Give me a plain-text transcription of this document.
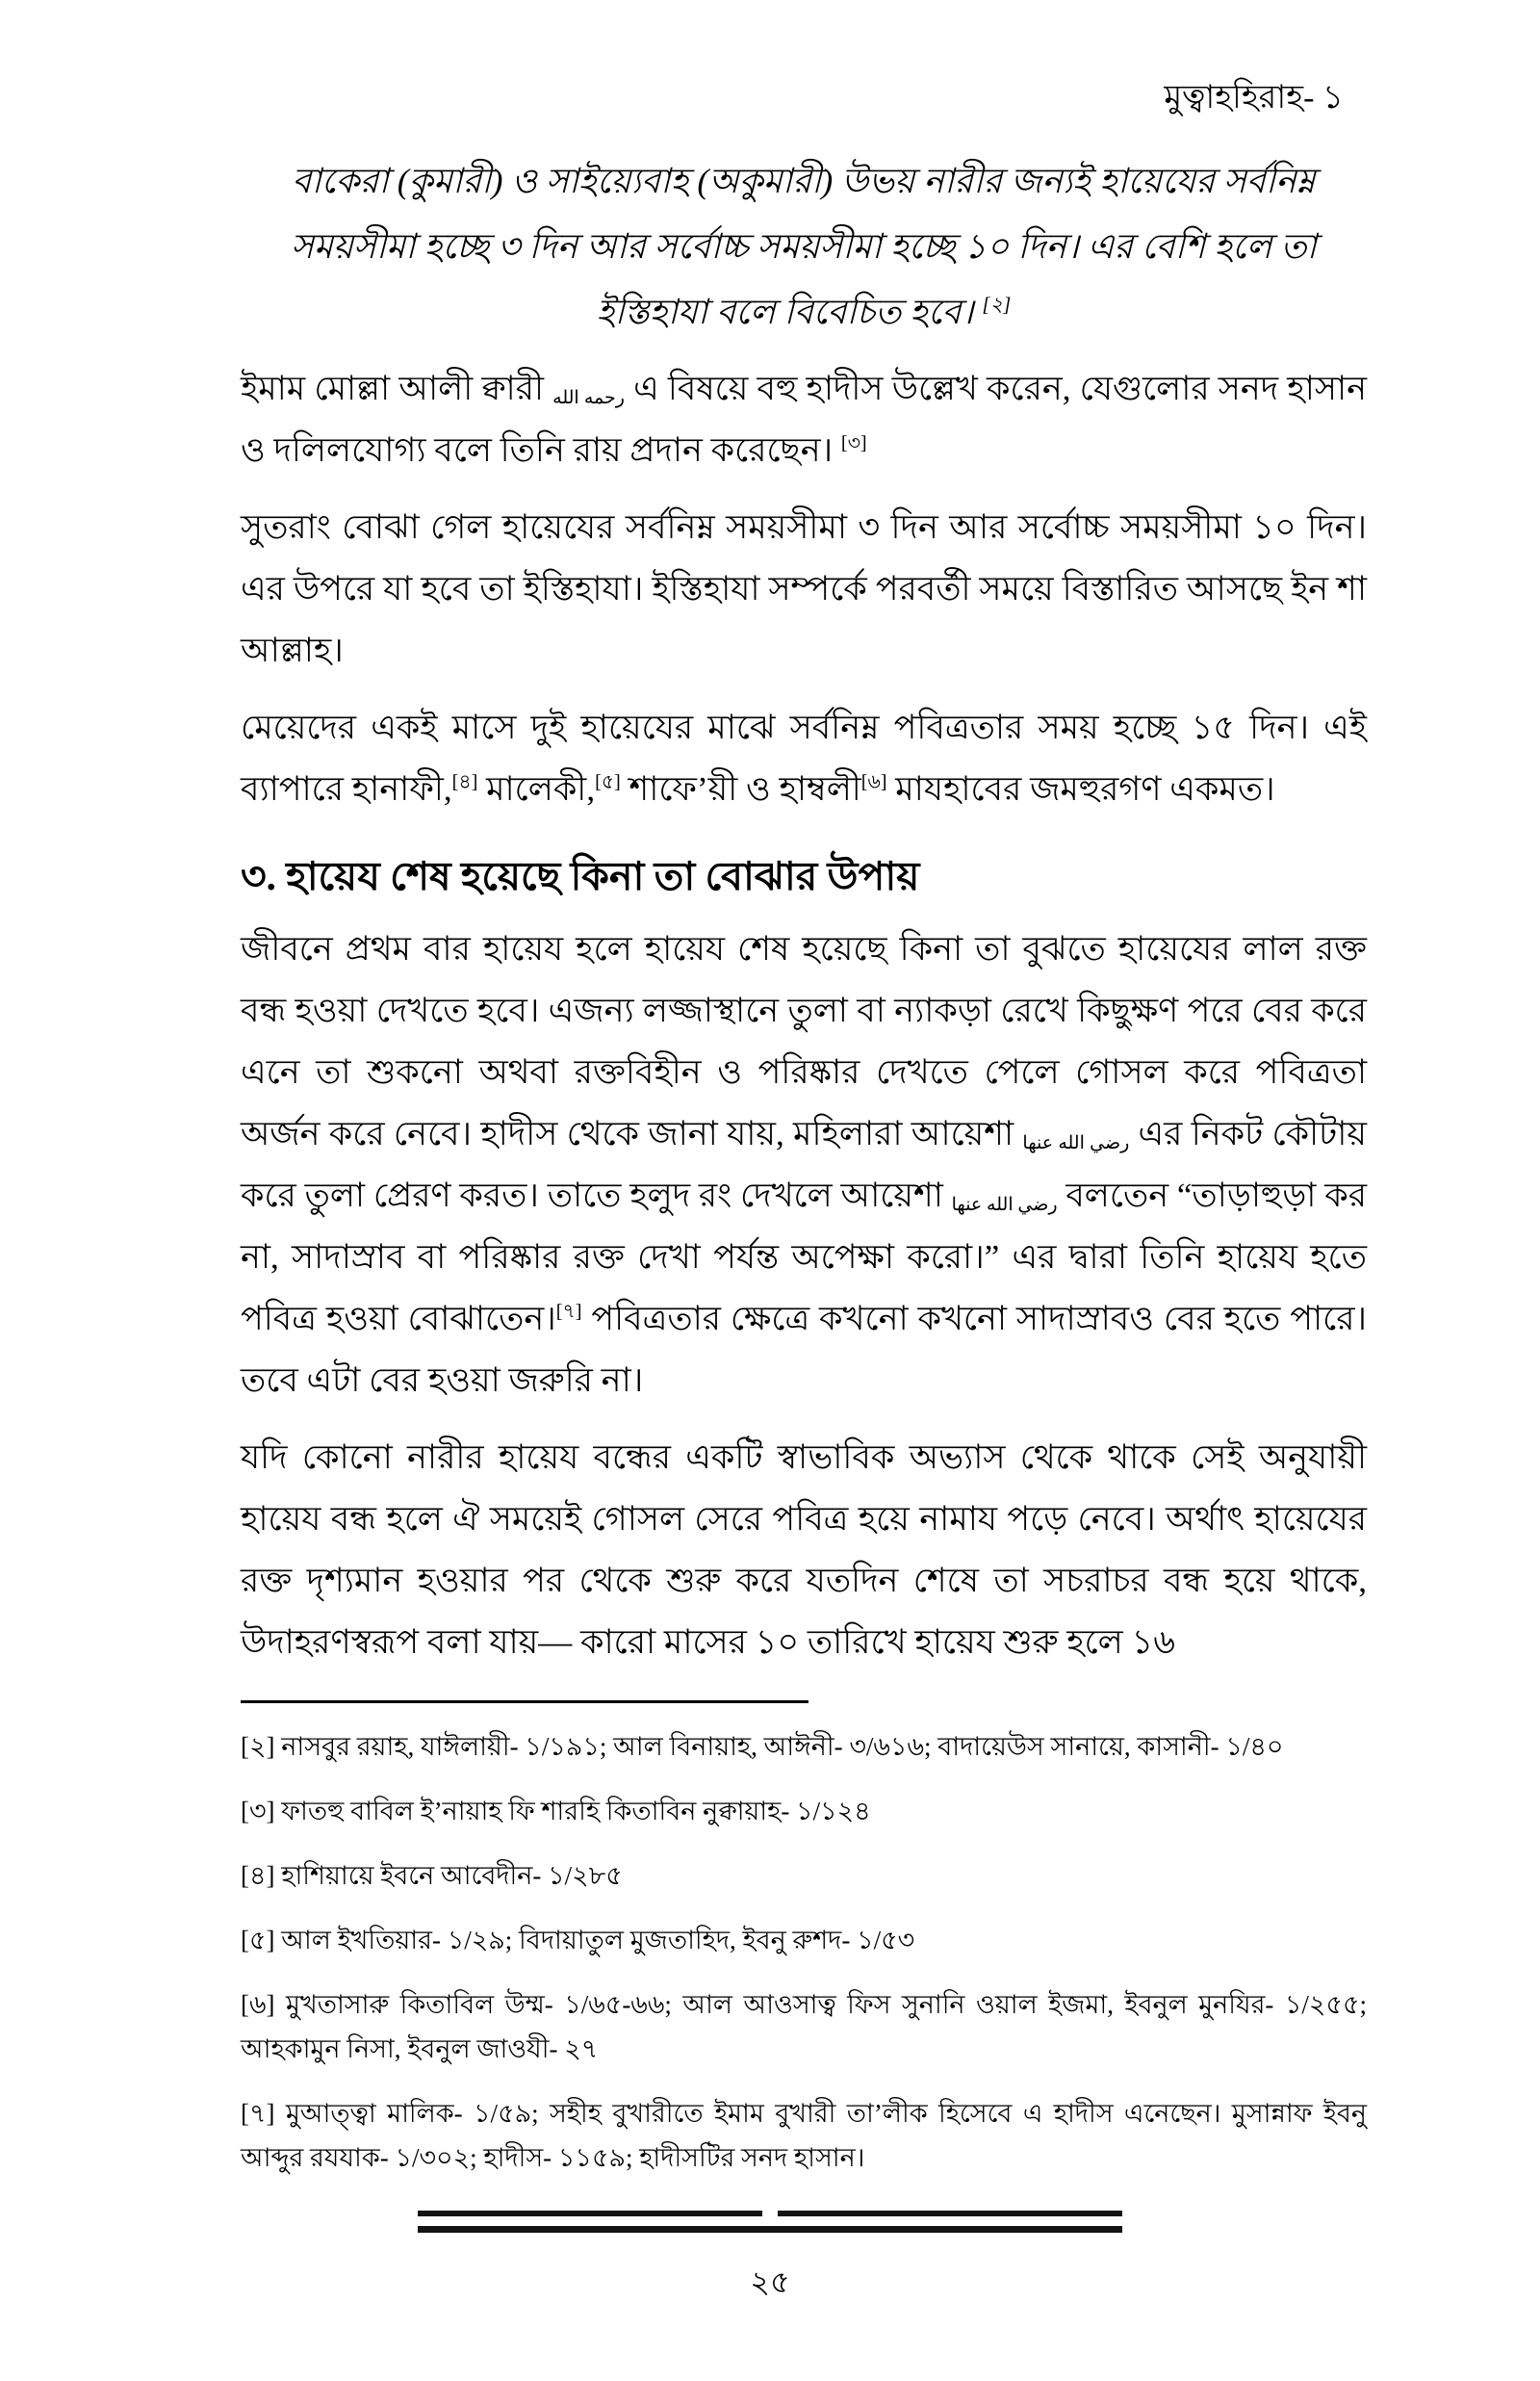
মুত্বাহহিরাহ- ১
বাকেরা (কুমারী) ও সাইয়্যেবাহ (অকুমারী) উভয় নারীর জন্যই হায়েযের সর্বনিম্ন সময়সীমা হচ্ছে ৩ দিন আর সর্বোচ্চ সময়সীমা হচ্ছে ১০ দিন। এর বেশি হলে তা ইস্তিহাযা বলে বিবেচিত হবে। [২]
ইমাম মোল্লা আলী ক্বারী رحمه الله এ বিষয়ে বহু হাদীস উল্লেখ করেন, যেগুলোর সনদ হাসান ও দলিলযোগ্য বলে তিনি রায় প্রদান করেছেন। [৩]
সুতরাং বোঝা গেল হায়েযের সর্বনিম্ন সময়সীমা ৩ দিন আর সর্বোচ্চ সময়সীমা ১০ দিন। এর উপরে যা হবে তা ইস্তিহাযা। ইস্তিহাযা সম্পর্কে পরবর্তী সময়ে বিস্তারিত আসছে ইন শা আল্লাহ।
মেয়েদের একই মাসে দুই হায়েযের মাঝে সর্বনিম্ন পবিত্রতার সময় হচ্ছে ১৫ দিন। এই ব্যাপারে হানাফী,[৪] মালেকী,[৫] শাফে’য়ী ও হাম্বলী[৬] মাযহাবের জমহুরগণ একমত।
৩. হায়েয শেষ হয়েছে কিনা তা বোঝার উপায়
জীবনে প্রথম বার হায়েয হলে হায়েয শেষ হয়েছে কিনা তা বুঝতে হায়েযের লাল রক্ত বন্ধ হওয়া দেখতে হবে। এজন্য লজ্জাস্থানে তুলা বা ন্যাকড়া রেখে কিছুক্ষণ পরে বের করে এনে তা শুকনো অথবা রক্তবিহীন ও পরিষ্কার দেখতে পেলে গোসল করে পবিত্রতা অর্জন করে নেবে। হাদীস থেকে জানা যায়, মহিলারা আয়েশা رضي الله عنها এর নিকট কৌটায় করে তুলা প্রেরণ করত। তাতে হলুদ রং দেখলে আয়েশা رضي الله عنها বলতেন “তাড়াহুড়া কর না, সাদাস্রাব বা পরিষ্কার রক্ত দেখা পর্যন্ত অপেক্ষা করো।” এর দ্বারা তিনি হায়েয হতে পবিত্র হওয়া বোঝাতেন।[৭] পবিত্রতার ক্ষেত্রে কখনো কখনো সাদাস্রাবও বের হতে পারে। তবে এটা বের হওয়া জরুরি না।
যদি কোনো নারীর হায়েয বন্ধের একটি স্বাভাবিক অভ্যাস থেকে থাকে সেই অনুযায়ী হায়েয বন্ধ হলে ঐ সময়েই গোসল সেরে পবিত্র হয়ে নামায পড়ে নেবে। অর্থাৎ হায়েযের রক্ত দৃশ্যমান হওয়ার পর থেকে শুরু করে যতদিন শেষে তা সচরাচর বন্ধ হয়ে থাকে, উদাহরণস্বরূপ বলা যায়— কারো মাসের ১০ তারিখে হায়েয শুরু হলে ১৬
[২] নাসবুর রয়াহ, যাঈলায়ী- ১/১৯১; আল বিনায়াহ, আঈনী- ৩/৬১৬; বাদায়েউস সানায়ে, কাসানী- ১/৪০
[৩] ফাতহু বাবিল ই’নায়াহ ফি শারহি কিতাবিন নুক্বায়াহ- ১/১২৪
[৪] হাশিয়ায়ে ইবনে আবেদীন- ১/২৮৫
[৫] আল ইখতিয়ার- ১/২৯; বিদায়াতুল মুজতাহিদ, ইবনু রুশদ- ১/৫৩
[৬] মুখতাসারু কিতাবিল উম্ম- ১/৬৫-৬৬; আল আওসাত্ব ফিস সুনানি ওয়াল ইজমা, ইবনুল মুনযির- ১/২৫৫; আহকামুন নিসা, ইবনুল জাওযী- ২৭
[৭] মুআত্ত্বা মালিক- ১/৫৯; সহীহ বুখারীতে ইমাম বুখারী তা’লীক হিসেবে এ হাদীস এনেছেন। মুসান্নাফ ইবনু আব্দুর রযযাক- ১/৩০২; হাদীস- ১১৫৯; হাদীসটির সনদ হাসান।
২৫
